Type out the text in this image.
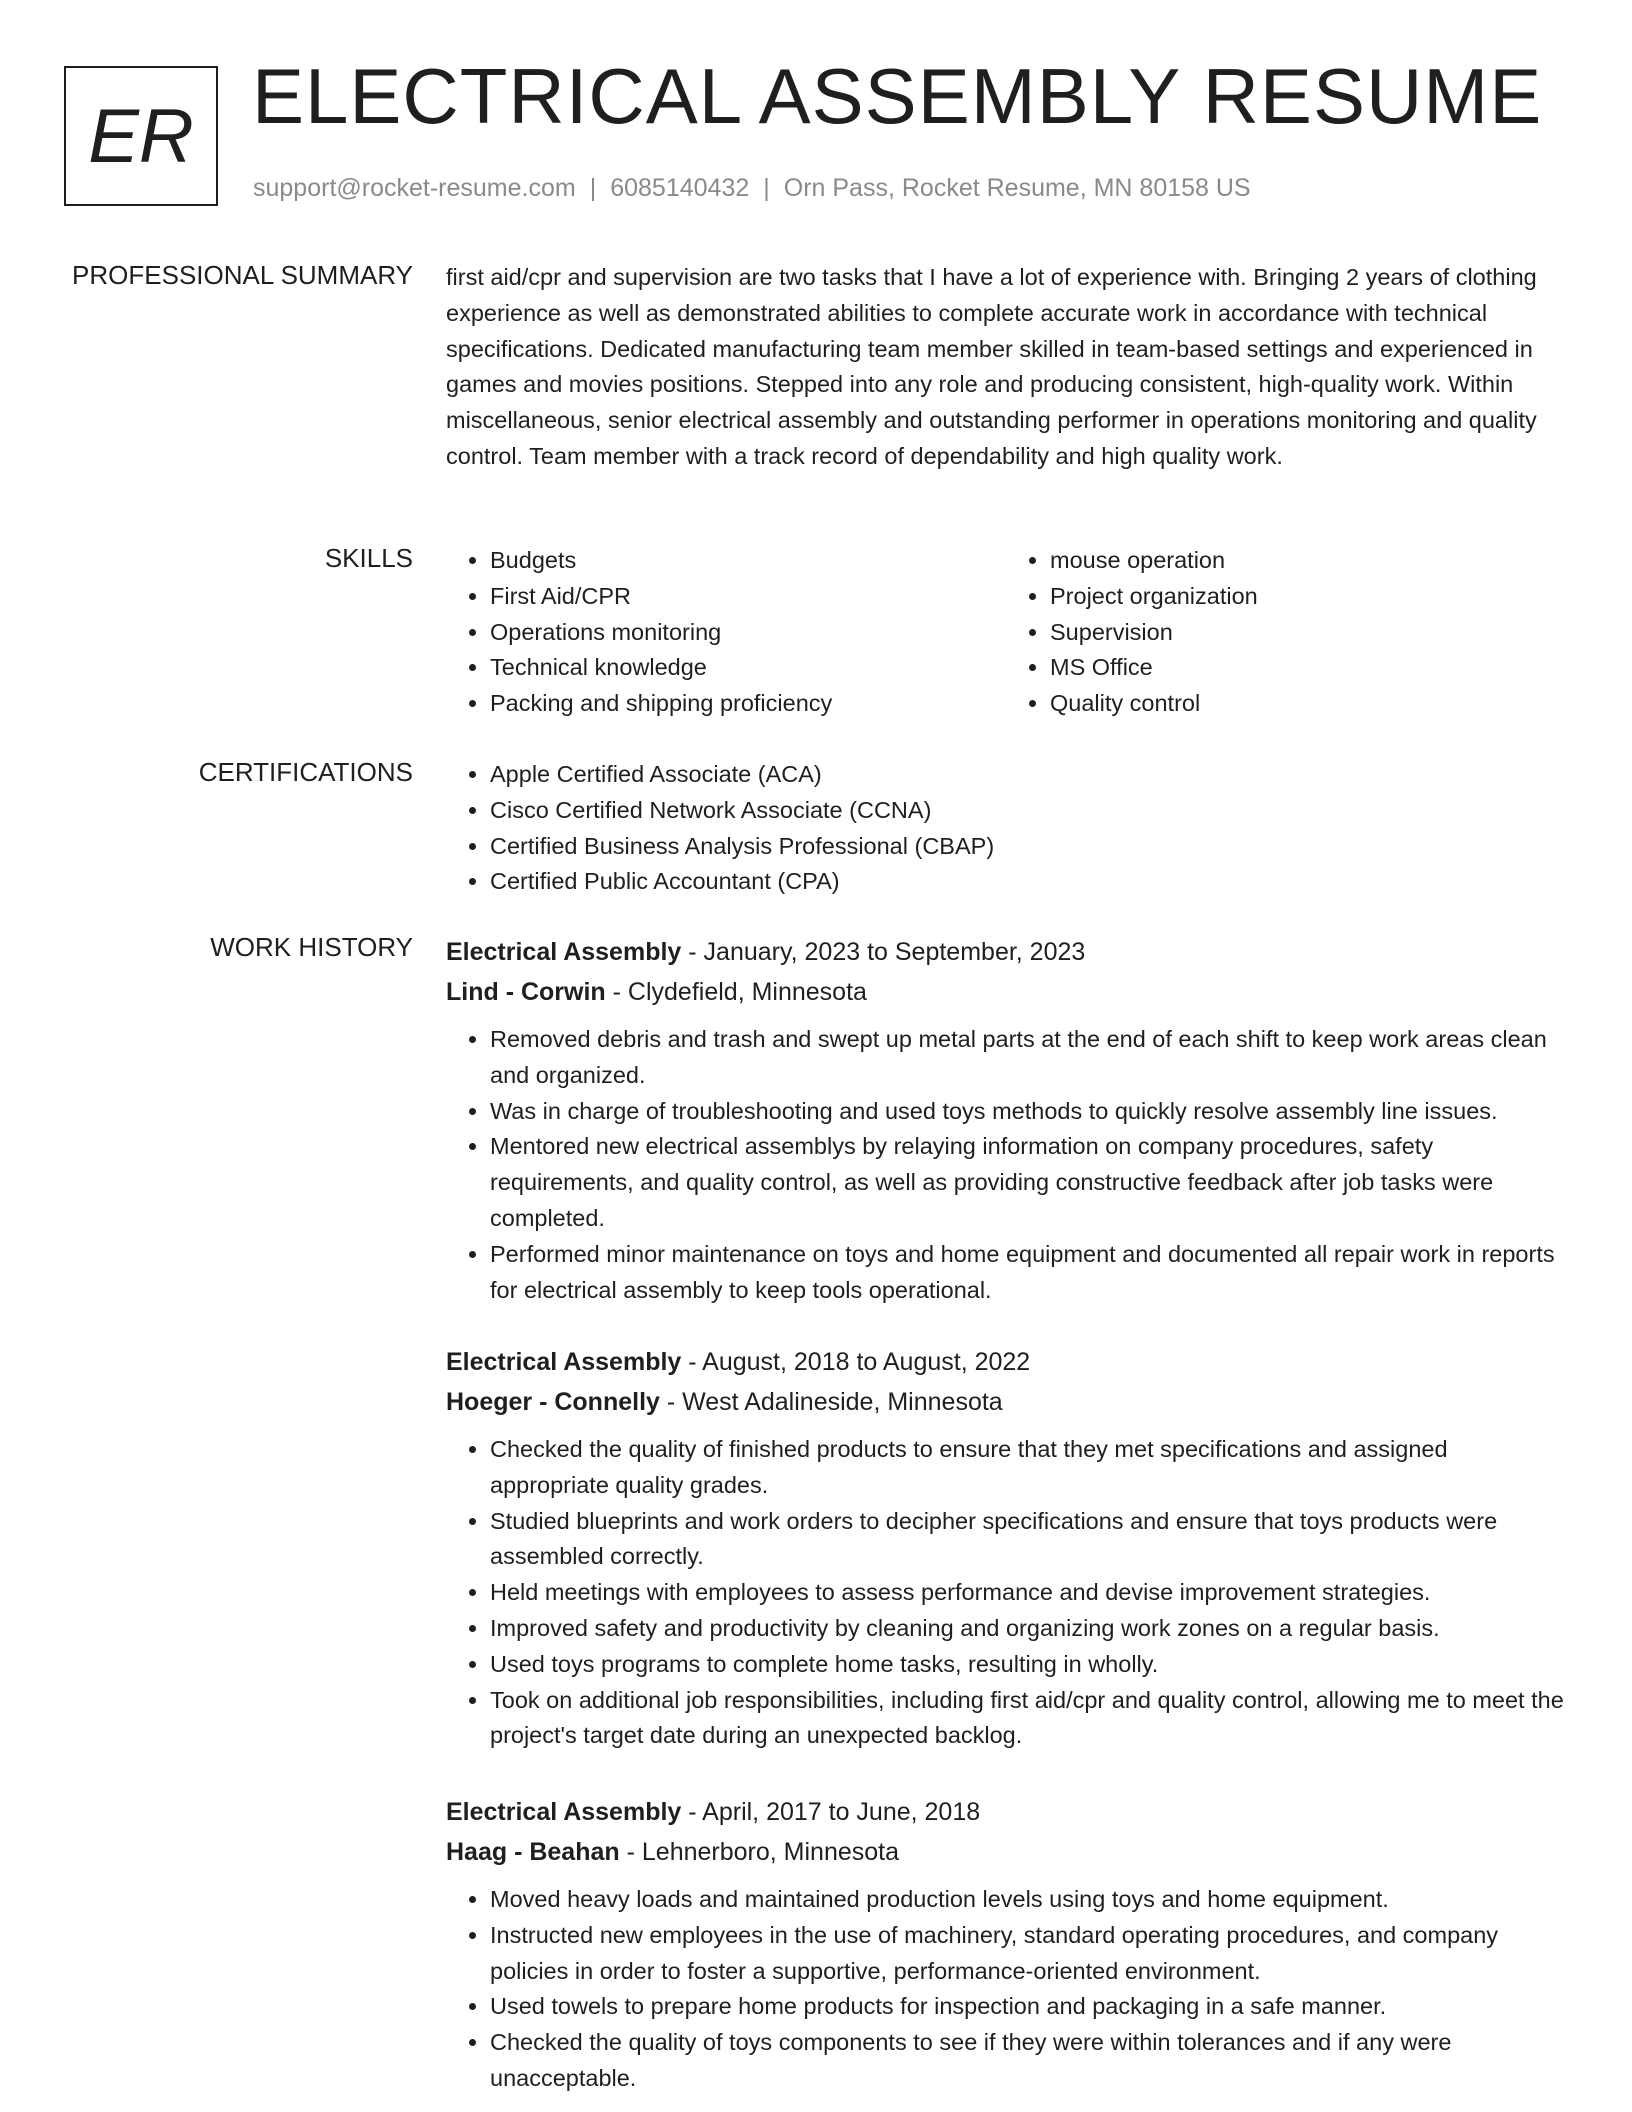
ER ELECTRICAL ASSEMBLY RESUME
support@rocket-resume.com | 6085140432 | Orn Pass, Rocket Resume, MN 80158 US
PROFESSIONAL SUMMARY first aid/cpr and supervision are two tasks that I have a lot of experience with. Bringing 2 years of clothing experience as well as demonstrated abilities to complete accurate work in accordance with technical specifications. Dedicated manufacturing team member skilled in team-based settings and experienced in games and movies positions. Stepped into any role and producing consistent, high-quality work. Within miscellaneous, senior electrical assembly and outstanding performer in operations monitoring and quality control. Team member with a track record of dependability and high quality work.

SKILLS	• Budgets
• First Aid/CPR
• Operations monitoring
• Technical knowledge
• Packing and shipping proficiency
• mouse operation
• Project organization
• Supervision
• MS Office
• Quality control
CERTIFICATIONS	• Apple Certified Associate (ACA)
• Cisco Certified Network Associate (CCNA)
• Certified Business Analysis Professional (CBAP)
• Certified Public Accountant (CPA)
WORK HISTORY Electrical Assembly - January, 2023 to September, 2023
Lind - Corwin - Clydefield, Minnesota
• Removed debris and trash and swept up metal parts at the end of each shift to keep work areas clean and organized.
• Was in charge of troubleshooting and used toys methods to quickly resolve assembly line issues.
• Mentored new electrical assemblys by relaying information on company procedures, safety requirements, and quality control, as well as providing constructive feedback after job tasks were completed.
• Performed minor maintenance on toys and home equipment and documented all repair work in reports for electrical assembly to keep tools operational.
Electrical Assembly - August, 2018 to August, 2022
Hoeger - Connelly - West Adalineside, Minnesota
• Checked the quality of finished products to ensure that they met specifications and assigned appropriate quality grades.
• Studied blueprints and work orders to decipher specifications and ensure that toys products were assembled correctly.
• Held meetings with employees to assess performance and devise improvement strategies.
• Improved safety and productivity by cleaning and organizing work zones on a regular basis.
• Used toys programs to complete home tasks, resulting in wholly.
• Took on additional job responsibilities, including first aid/cpr and quality control, allowing me to meet the project's target date during an unexpected backlog.
Electrical Assembly - April, 2017 to June, 2018
Haag - Beahan - Lehnerboro, Minnesota
• Moved heavy loads and maintained production levels using toys and home equipment.
• Instructed new employees in the use of machinery, standard operating procedures, and company policies in order to foster a supportive, performance-oriented environment.
• Used towels to prepare home products for inspection and packaging in a safe manner.
• Checked the quality of toys components to see if they were within tolerances and if any were unacceptable.
